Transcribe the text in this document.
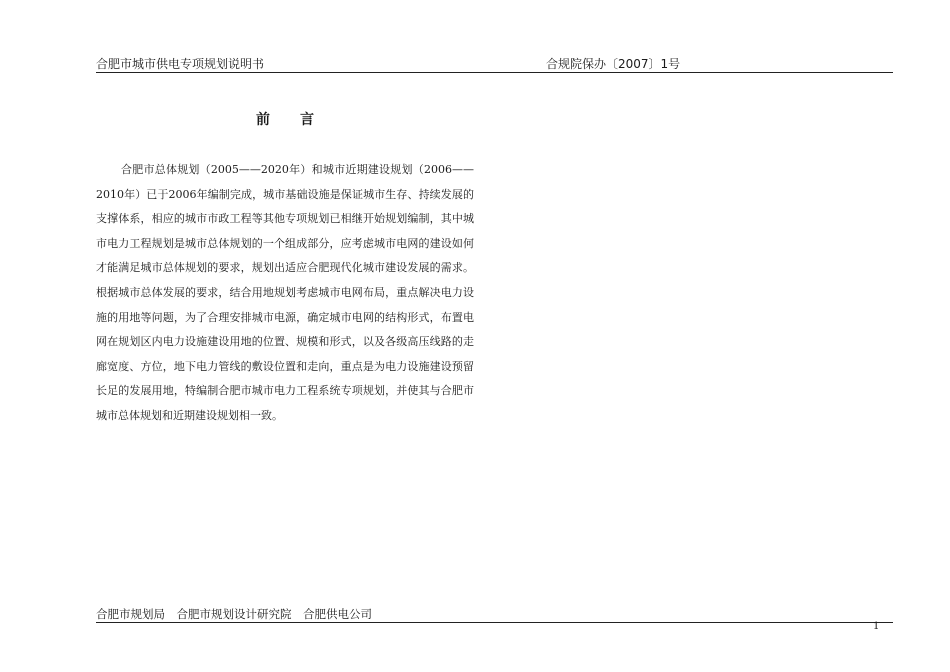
合肥市城市供电专项规划说明书	合规院保办〔2007〕1号
前言

合肥市总体规划（2005——2020年）和城市近期建设规划（2006——2010年）已于2006年编制完成，城市基础设施是保证城市生存、持续发展的支撑体系，相应的城市市政工程等其他专项规划已相继开始规划编制，其中城市电力工程规划是城市总体规划的一个组成部分，应考虑城市电网的建设如何才能满足城市总体规划的要求，规划出适应合肥现代化城市建设发展的需求。根据城市总体发展的要求，结合用地规划考虑城市电网布局，重点解决电力设施的用地等问题，为了合理安排城市电源，确定城市电网的结构形式，布置电网在规划区内电力设施建设用地的位置、规模和形式，以及各级高压线路的走廊宽度、方位，地下电力管线的敷设位置和走向，重点是为电力设施建设预留长足的发展用地，特编制合肥市城市电力工程系统专项规划，并使其与合肥市城市总体规划和近期建设规划相一致。

合肥市规划局　合肥市规划设计研究院　合肥供电公司
1
